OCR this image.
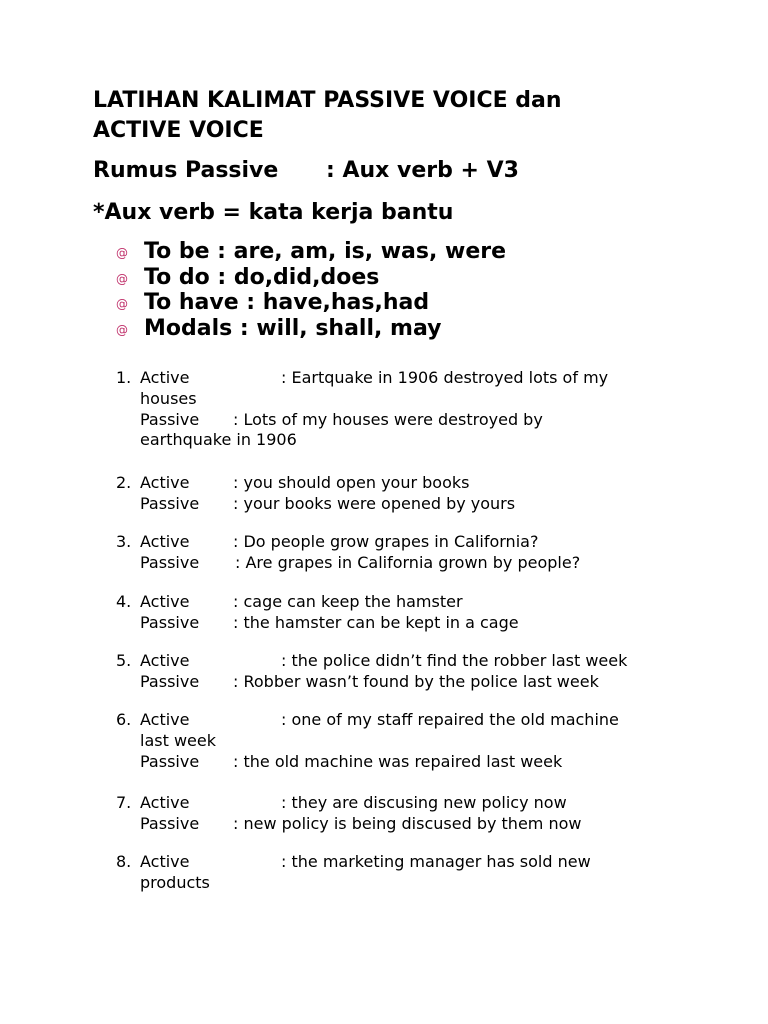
LATIHAN KALIMAT PASSIVE VOICE dan ACTIVE VOICE
Rumus Passive : Aux verb + V3
*Aux verb = kata kerja bantu
@ To be : are, am, is, was, were
@ To do : do,did,does
@ To have : have,has,had
@ Modals : will, shall, may
1. Active	: Eartquake in 1906 destroyed lots of my
houses
Passive : Lots of my houses were destroyed by
earthquake in 1906
2. Active	: you should open your books
Passive : your books were opened by yours
3. Active	: Do people grow grapes in California?
Passive : Are grapes in California grown by people?
4. Active	: cage can keep the hamster
Passive : the hamster can be kept in a cage
5. Active	: the police didn’t find the robber last week
Passive : Robber wasn’t found by the police last week
6. Active	: one of my staff repaired the old machine
last week
Passive : the old machine was repaired last week
7. Active	: they are discusing new policy now
Passive : new policy is being discused by them now
8. Active	: the marketing manager has sold new
products
